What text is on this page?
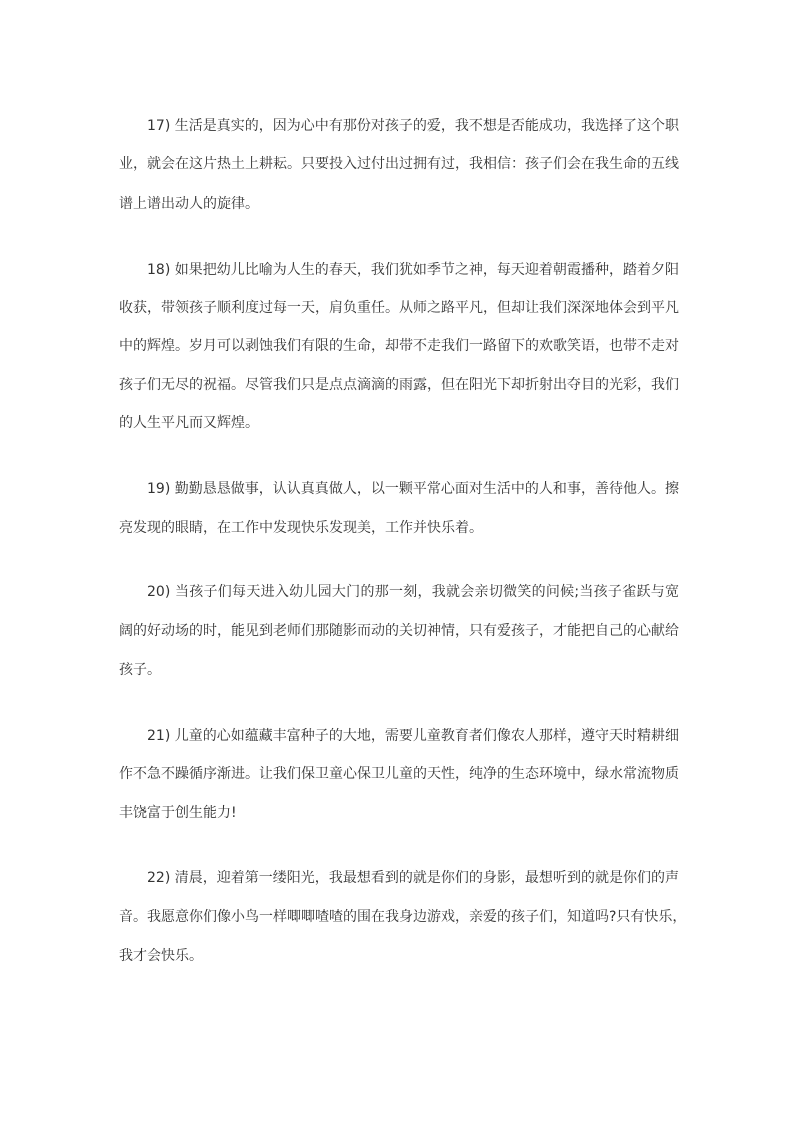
17) 生活是真实的，因为心中有那份对孩子的爱，我不想是否能成功，我选择了这个职
业，就会在这片热土上耕耘。只要投入过付出过拥有过，我相信：孩子们会在我生命的五线
谱上谱出动人的旋律。
18) 如果把幼儿比喻为人生的春天，我们犹如季节之神，每天迎着朝霞播种，踏着夕阳
收获，带领孩子顺利度过每一天，肩负重任。从师之路平凡，但却让我们深深地体会到平凡
中的辉煌。岁月可以剥蚀我们有限的生命，却带不走我们一路留下的欢歌笑语，也带不走对
孩子们无尽的祝福。尽管我们只是点点滴滴的雨露，但在阳光下却折射出夺目的光彩，我们
的人生平凡而又辉煌。
19) 勤勤恳恳做事，认认真真做人，以一颗平常心面对生活中的人和事，善待他人。擦
亮发现的眼睛，在工作中发现快乐发现美，工作并快乐着。
20) 当孩子们每天进入幼儿园大门的那一刻，我就会亲切微笑的问候;当孩子雀跃与宽
阔的好动场的时，能见到老师们那随影而动的关切神情，只有爱孩子，才能把自己的心献给
孩子。
21) 儿童的心如蕴藏丰富种子的大地，需要儿童教育者们像农人那样，遵守天时精耕细
作不急不躁循序渐进。让我们保卫童心保卫儿童的天性，纯净的生态环境中，绿水常流物质
丰饶富于创生能力!
22) 清晨，迎着第一缕阳光，我最想看到的就是你们的身影，最想听到的就是你们的声
音。我愿意你们像小鸟一样唧唧喳喳的围在我身边游戏，亲爱的孩子们，知道吗?只有快乐，
我才会快乐。
